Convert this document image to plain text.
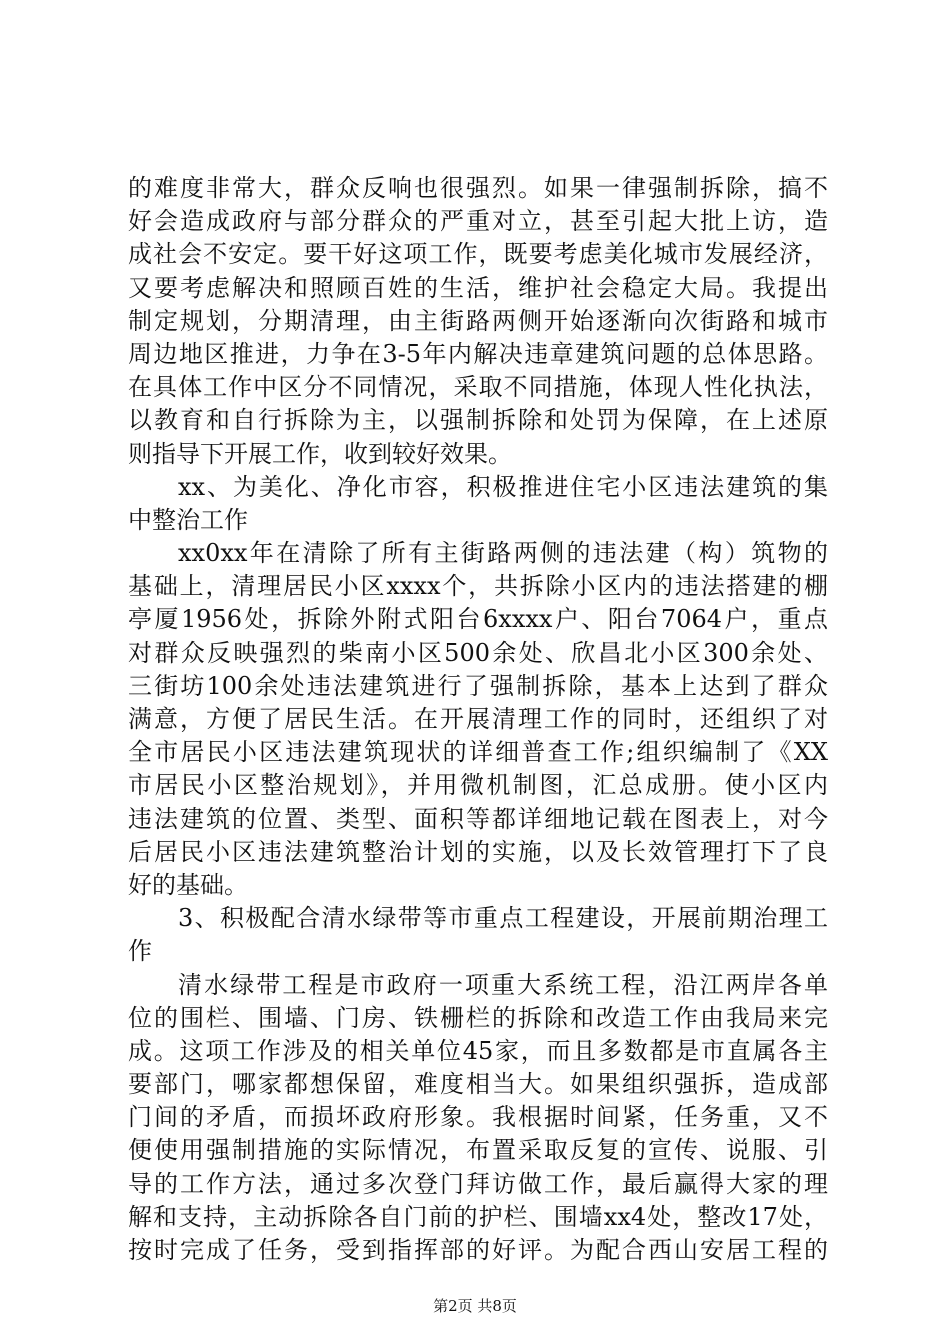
的难度非常大，群众反响也很强烈。如果一律强制拆除，搞不
好会造成政府与部分群众的严重对立，甚至引起大批上访，造
成社会不安定。要干好这项工作，既要考虑美化城市发展经济，
又要考虑解决和照顾百姓的生活，维护社会稳定大局。我提出
制定规划，分期清理，由主街路两侧开始逐渐向次街路和城市
周边地区推进，力争在3-5年内解决违章建筑问题的总体思路。
在具体工作中区分不同情况，采取不同措施，体现人性化执法，
以教育和自行拆除为主，以强制拆除和处罚为保障，在上述原
则指导下开展工作，收到较好效果。
xx、为美化、净化市容，积极推进住宅小区违法建筑的集
中整治工作
xx0xx年在清除了所有主街路两侧的违法建（构）筑物的
基础上，清理居民小区xxxx个，共拆除小区内的违法搭建的棚
亭厦1956处，拆除外附式阳台6xxxx户、阳台7064户，重点
对群众反映强烈的柴南小区500余处、欣昌北小区300余处、
三街坊100余处违法建筑进行了强制拆除，基本上达到了群众
满意，方便了居民生活。在开展清理工作的同时，还组织了对
全市居民小区违法建筑现状的详细普查工作;组织编制了《XX
市居民小区整治规划》，并用微机制图，汇总成册。使小区内
违法建筑的位置、类型、面积等都详细地记载在图表上，对今
后居民小区违法建筑整治计划的实施，以及长效管理打下了良
好的基础。
3、积极配合清水绿带等市重点工程建设，开展前期治理工
作
清水绿带工程是市政府一项重大系统工程，沿江两岸各单
位的围栏、围墙、门房、铁栅栏的拆除和改造工作由我局来完
成。这项工作涉及的相关单位45家，而且多数都是市直属各主
要部门，哪家都想保留，难度相当大。如果组织强拆，造成部
门间的矛盾，而损坏政府形象。我根据时间紧，任务重，又不
便使用强制措施的实际情况，布置采取反复的宣传、说服、引
导的工作方法，通过多次登门拜访做工作，最后赢得大家的理
解和支持，主动拆除各自门前的护栏、围墙xx4处，整改17处，
按时完成了任务，受到指挥部的好评。为配合西山安居工程的
第2页 共8页
